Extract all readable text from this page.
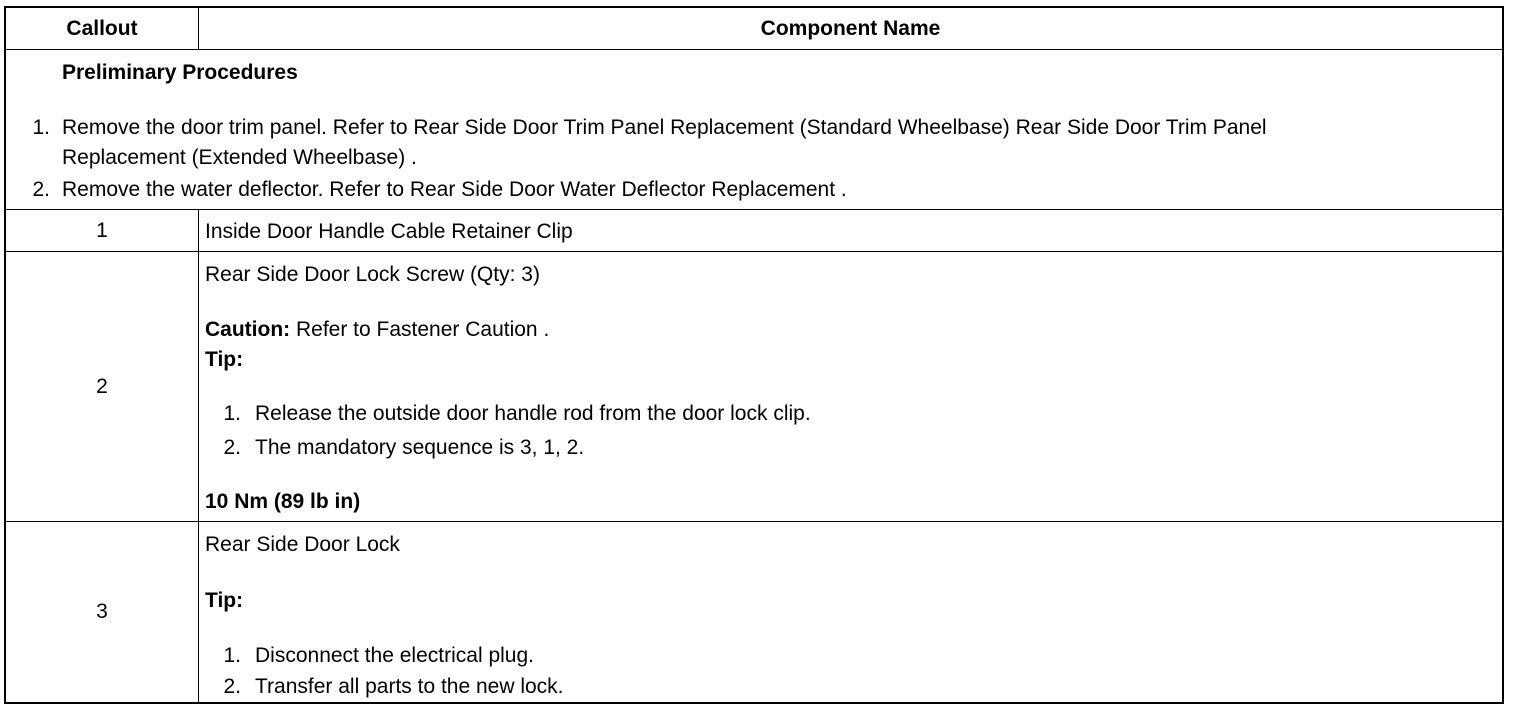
Callout	Component Name
Preliminary Procedures
1. Remove the door trim panel. Refer to Rear Side Door Trim Panel Replacement (Standard Wheelbase) Rear Side Door Trim Panel
Replacement (Extended Wheelbase) .
2. Remove the water deflector. Refer to Rear Side Door Water Deflector Replacement .
1	Inside Door Handle Cable Retainer Clip
2
Rear Side Door Lock Screw (Qty: 3)
Caution: Refer to Fastener Caution .
Tip:
1. Release the outside door handle rod from the door lock clip.
2. The mandatory sequence is 3, 1, 2.
10 Nm (89 lb in)
3
Rear Side Door Lock
Tip:
1. Disconnect the electrical plug.
2. Transfer all parts to the new lock.
